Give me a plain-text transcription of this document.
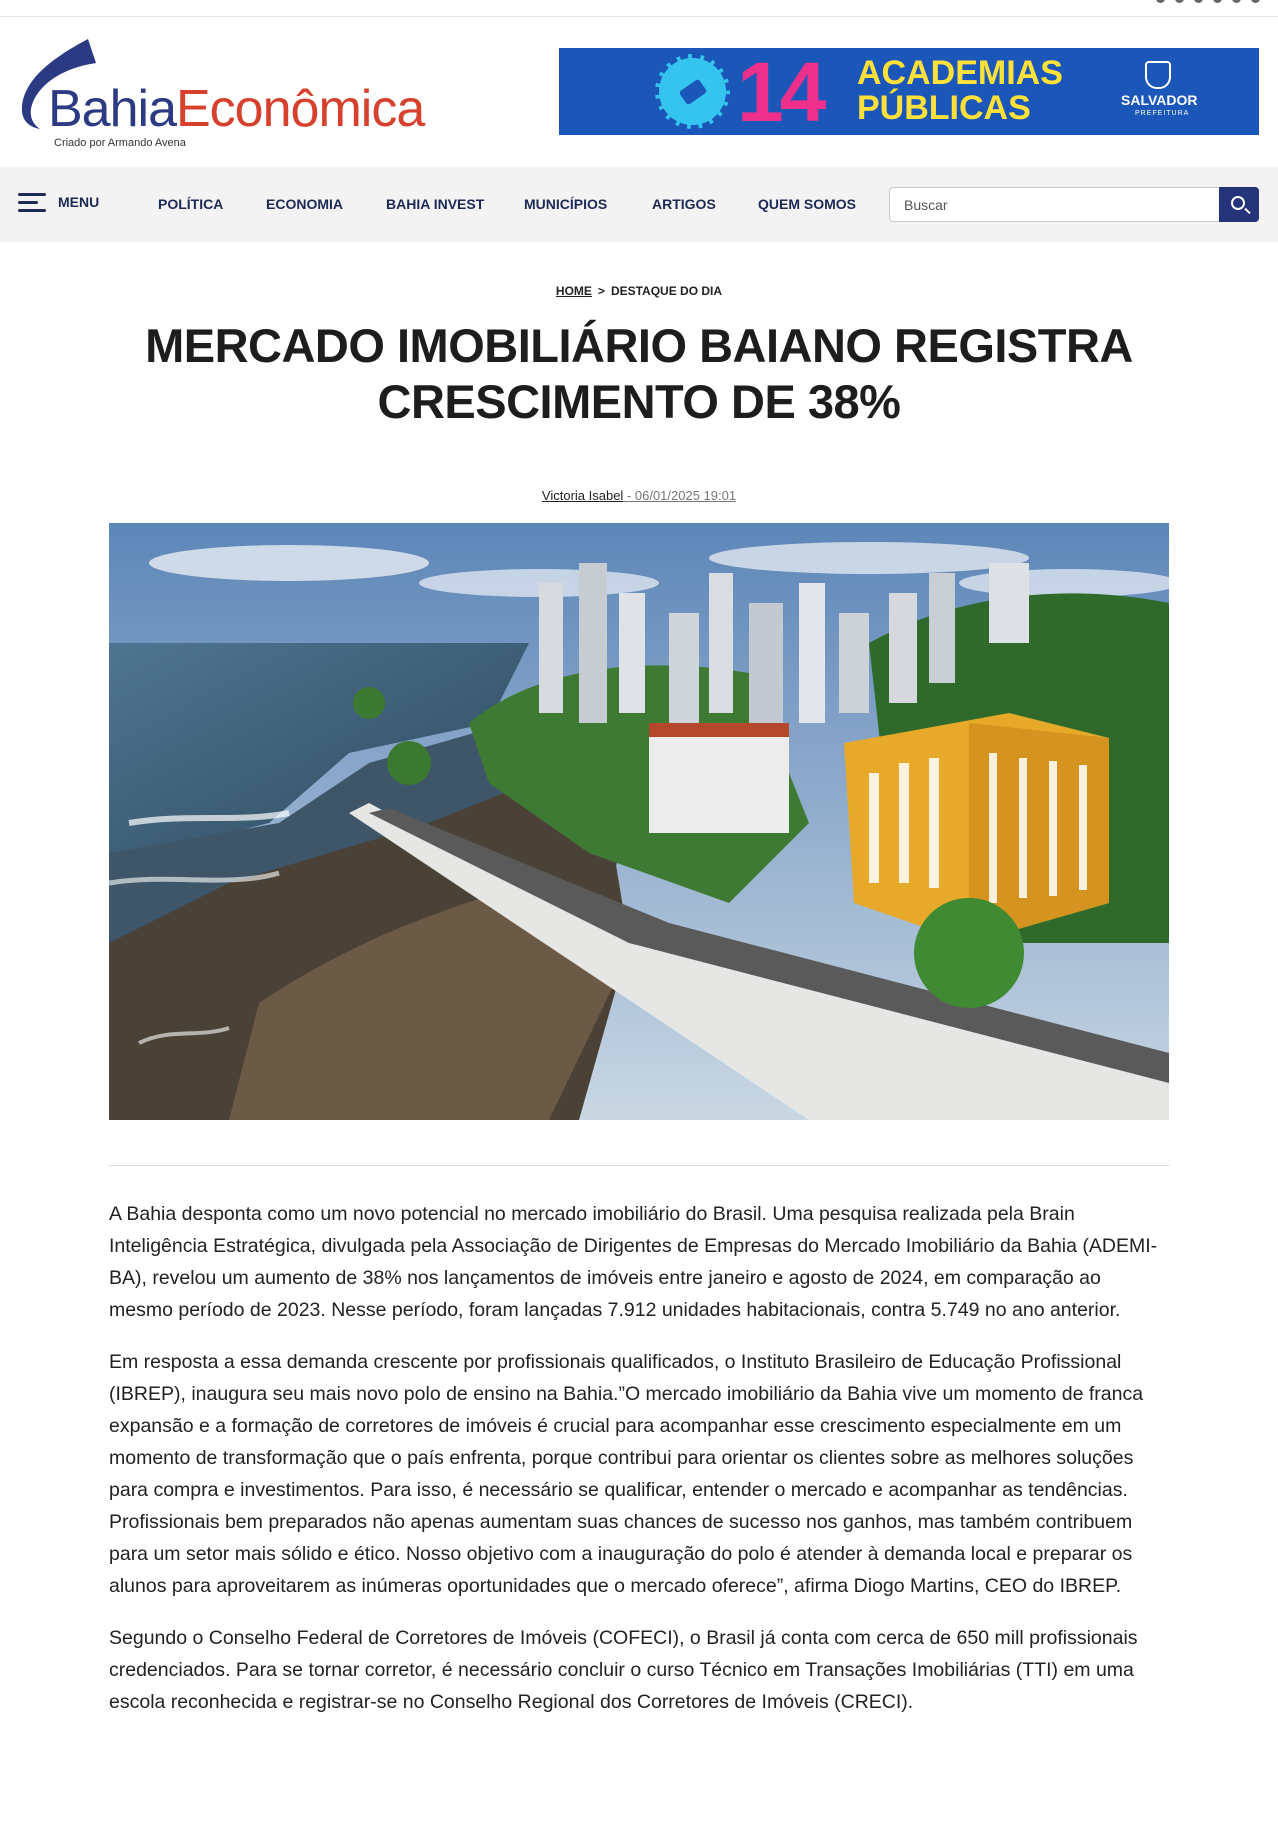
BahiaEconômica
Criado por Armando Avena
14 ACADEMIAS
PÚBLICAS	SALVADOR
PREFEITURA
MENU	POLÍTICA	ECONOMIA	BAHIA INVEST	MUNICÍPIOS	ARTIGOS	QUEM SOMOS
Buscar
HOME > DESTAQUE DO DIA
MERCADO IMOBILIÁRIO BAIANO REGISTRA CRESCIMENTO DE 38%
Victoria Isabel - 06/01/2025 19:01

A Bahia desponta como um novo potencial no mercado imobiliário do Brasil. Uma pesquisa realizada pela Brain Inteligência Estratégica, divulgada pela Associação de Dirigentes de Empresas do Mercado Imobiliário da Bahia (ADEMI-BA), revelou um aumento de 38% nos lançamentos de imóveis entre janeiro e agosto de 2024, em comparação ao mesmo período de 2023. Nesse período, foram lançadas 7.912 unidades habitacionais, contra 5.749 no ano anterior.

Em resposta a essa demanda crescente por profissionais qualificados, o Instituto Brasileiro de Educação Profissional (IBREP), inaugura seu mais novo polo de ensino na Bahia.”O mercado imobiliário da Bahia vive um momento de franca expansão e a formação de corretores de imóveis é crucial para acompanhar esse crescimento especialmente em um momento de transformação que o país enfrenta, porque contribui para orientar os clientes sobre as melhores soluções para compra e investimentos. Para isso, é necessário se qualificar, entender o mercado e acompanhar as tendências. Profissionais bem preparados não apenas aumentam suas chances de sucesso nos ganhos, mas também contribuem para um setor mais sólido e ético. Nosso objetivo com a inauguração do polo é atender à demanda local e preparar os alunos para aproveitarem as inúmeras oportunidades que o mercado oferece”, afirma Diogo Martins, CEO do IBREP.

Segundo o Conselho Federal de Corretores de Imóveis (COFECI), o Brasil já conta com cerca de 650 mill profissionais credenciados. Para se tornar corretor, é necessário concluir o curso Técnico em Transações Imobiliárias (TTI) em uma escola reconhecida e registrar-se no Conselho Regional dos Corretores de Imóveis (CRECI).
